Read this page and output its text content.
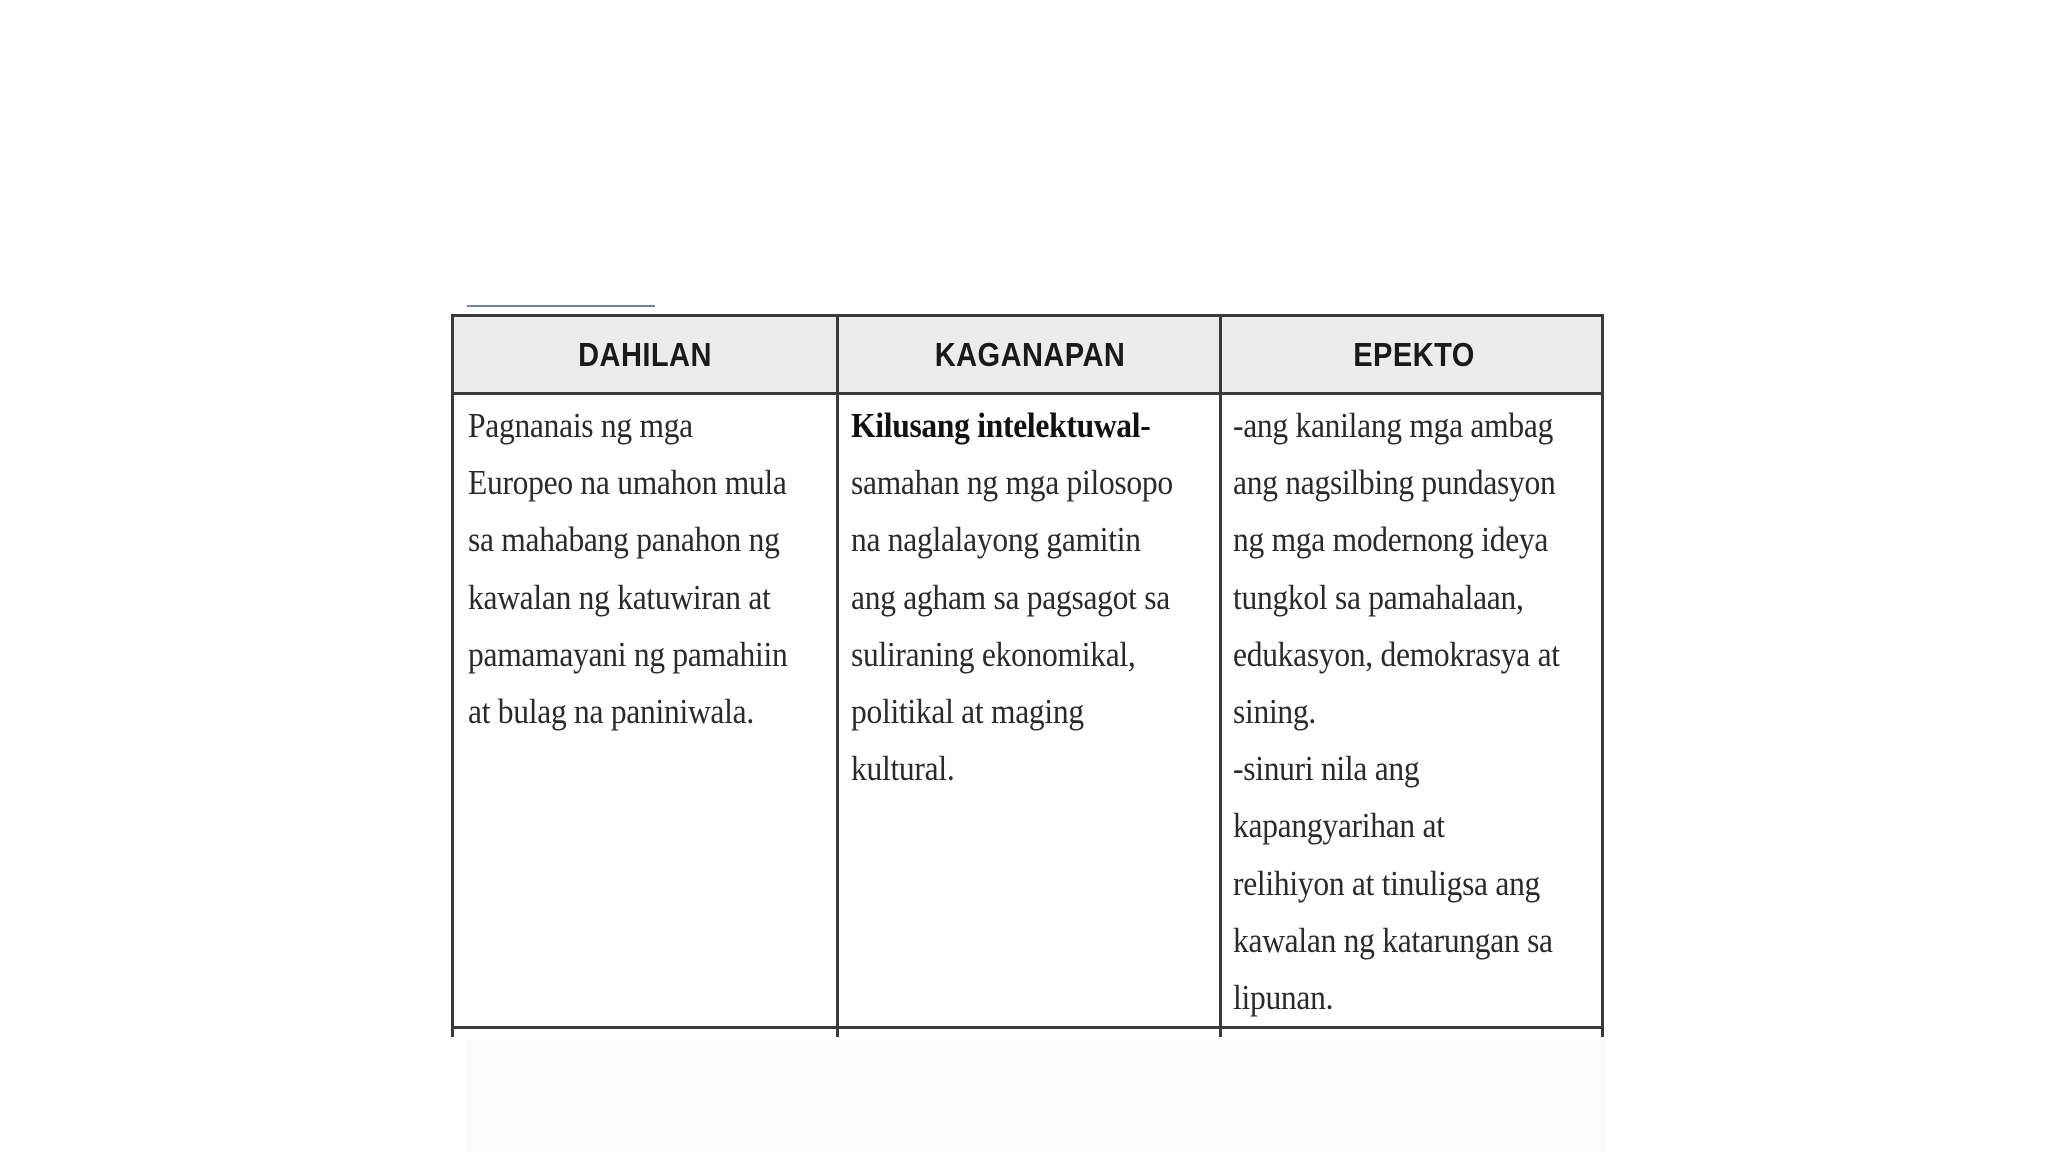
DAHILAN	KAGANAPAN	EPEKTO
Pagnanais ng mga
Europeo na umahon mula
sa mahabang panahon ng
kawalan ng katuwiran at
pamamayani ng pamahiin
at bulag na paniniwala.
Kilusang intelektuwal-
samahan ng mga pilosopo
na naglalayong gamitin
ang agham sa pagsagot sa
suliraning ekonomikal,
politikal at maging
kultural.
-ang kanilang mga ambag
ang nagsilbing pundasyon
ng mga modernong ideya
tungkol sa pamahalaan,
edukasyon, demokrasya at
sining.
-sinuri nila ang
kapangyarihan at
relihiyon at tinuligsa ang
kawalan ng katarungan sa
lipunan.
